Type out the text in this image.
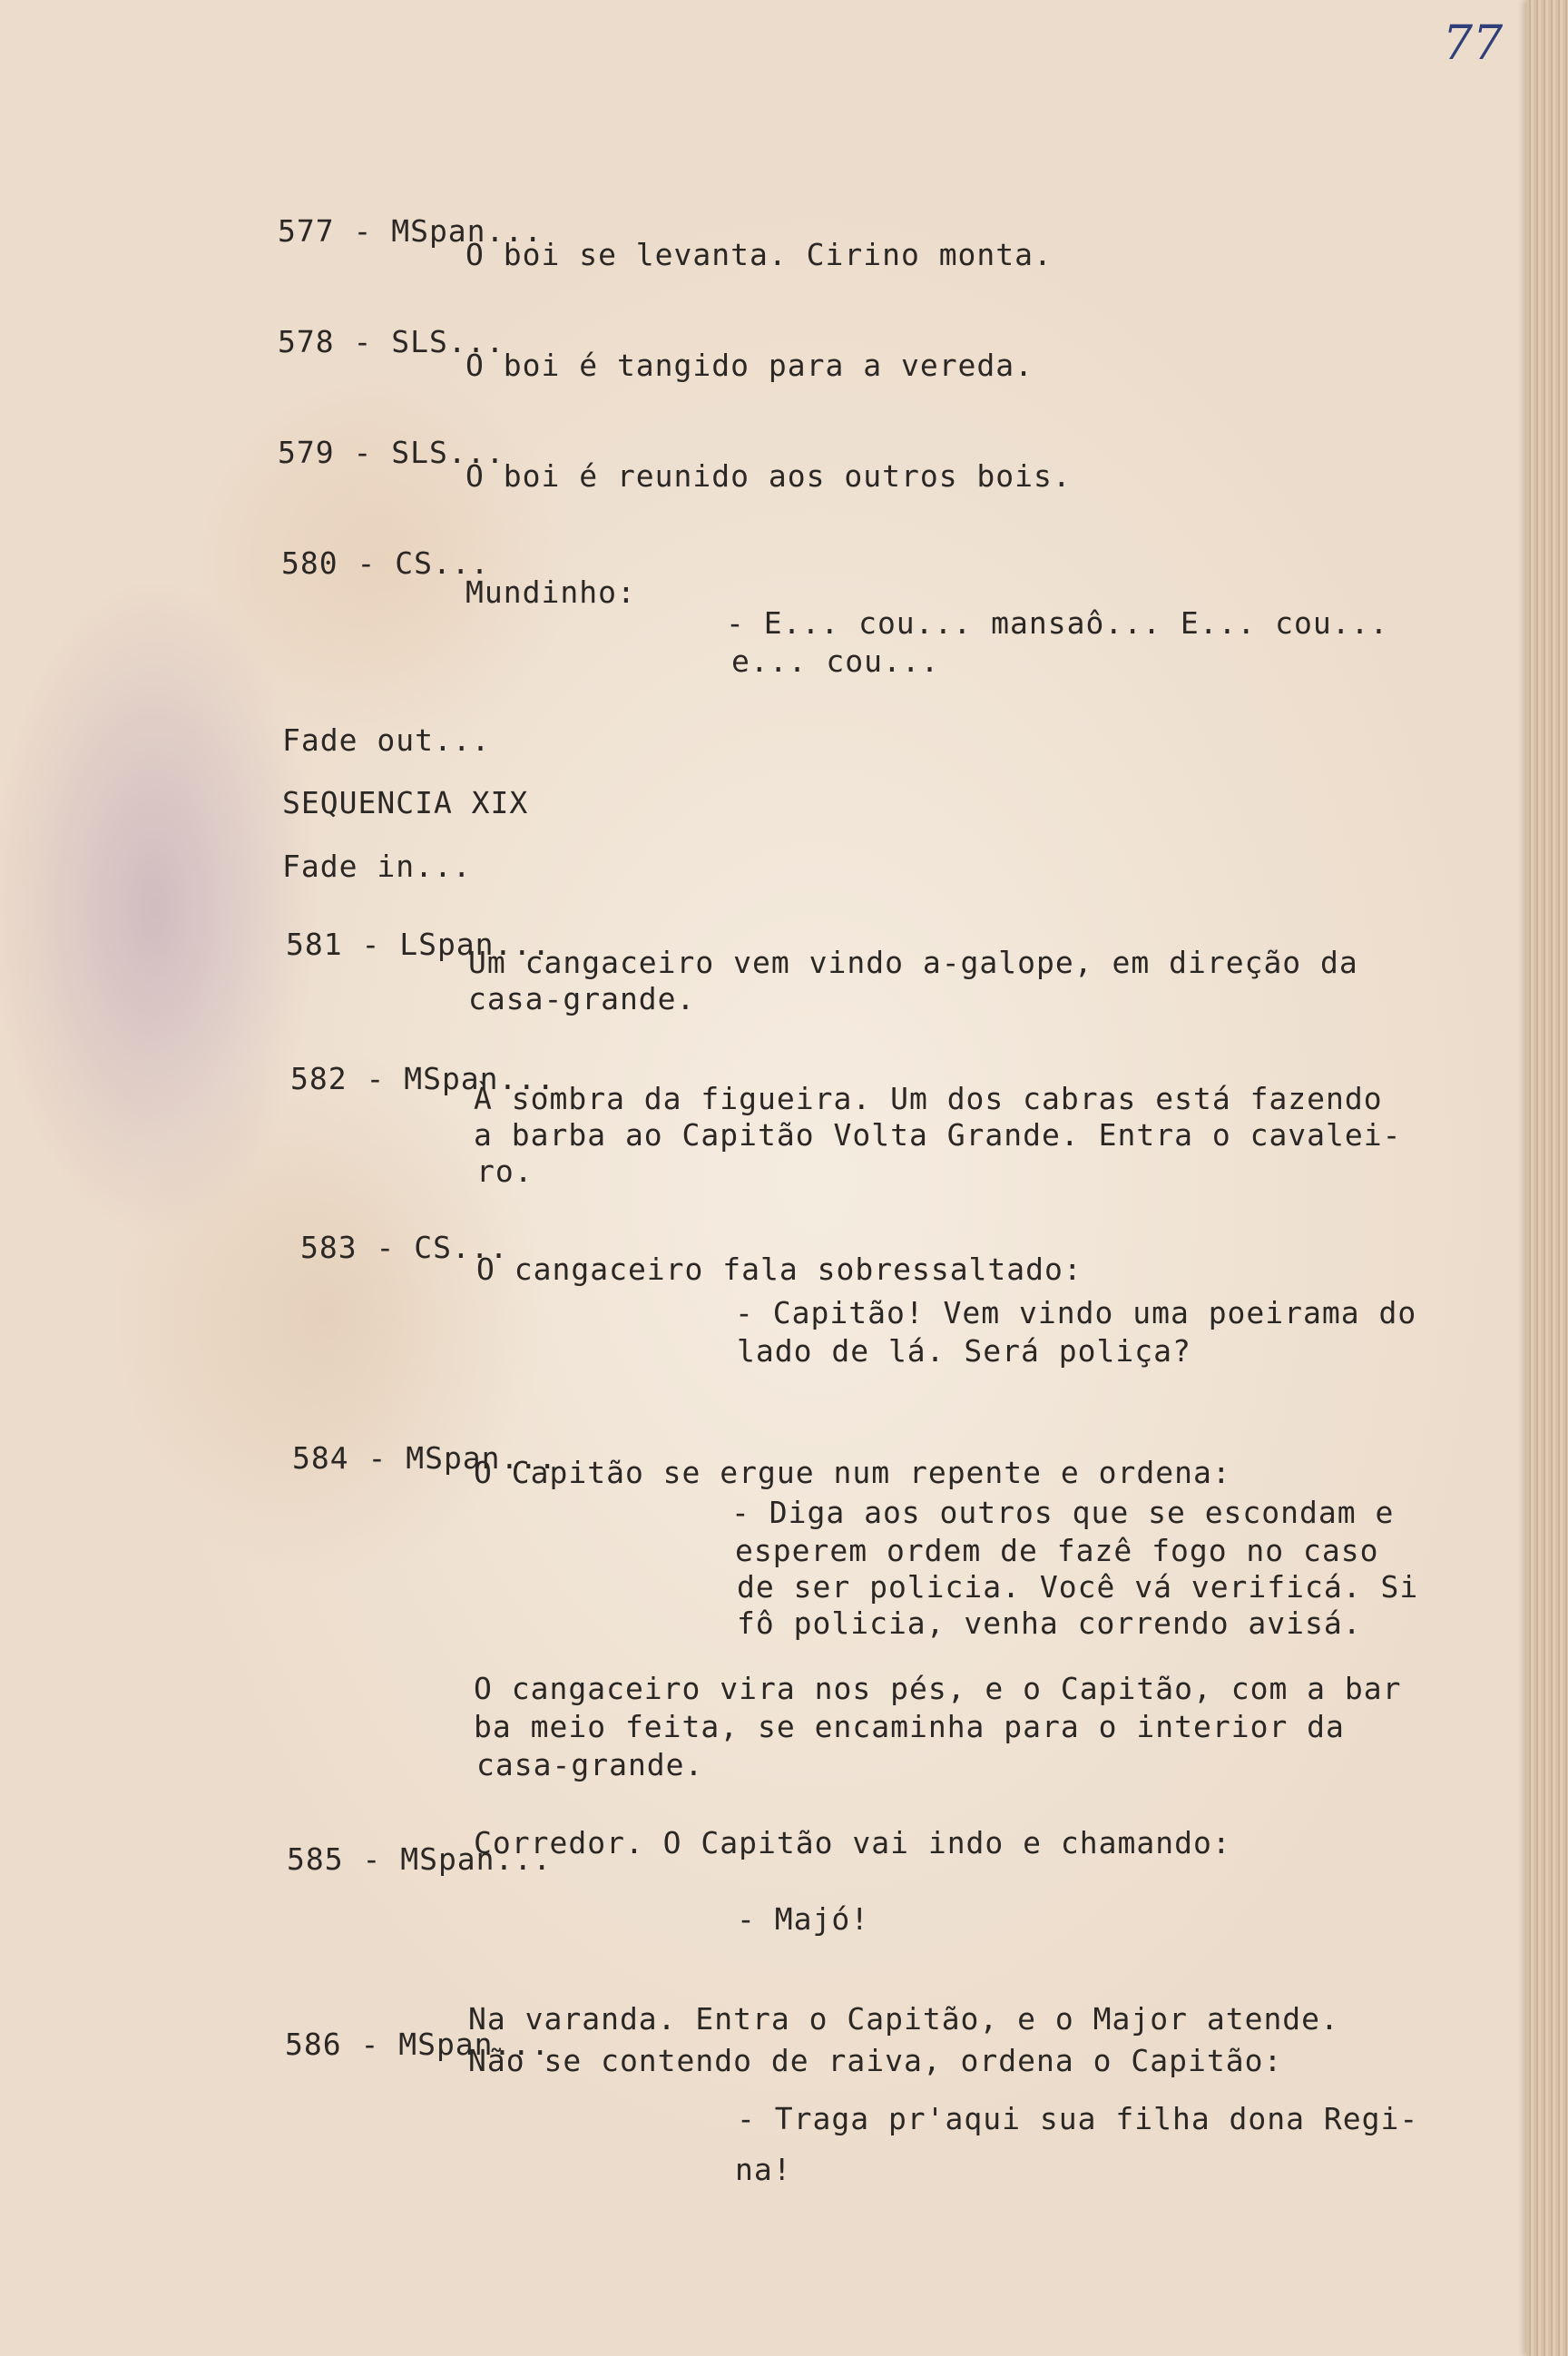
77
577 - MSpan...
O boi se levanta. Cirino monta.
578 - SLS...
O boi é tangido para a vereda.
579 - SLS...
O boi é reunido aos outros bois.
580 - CS...
Mundinho:
- E... cou... mansaô... E... cou...
e... cou...
Fade out...
SEQUENCIA XIX
Fade in...
581 - LSpan...
Um cangaceiro vem vindo a-galope, em direção da
casa-grande.
582 - MSpan...
À sombra da figueira. Um dos cabras está fazendo
a barba ao Capitão Volta Grande. Entra o cavalei-
ro.
583 - CS...
O cangaceiro fala sobressaltado:
- Capitão! Vem vindo uma poeirama do
lado de lá. Será poliça?
584 - MSpan...
O Capitão se ergue num repente e ordena:
- Diga aos outros que se escondam e
esperem ordem de fazê fogo no caso
de ser policia. Você vá verificá. Si
fô policia, venha correndo avisá.
O cangaceiro vira nos pés, e o Capitão, com a bar
ba meio feita, se encaminha para o interior da
casa-grande.
585 - MSpan...
Corredor. O Capitão vai indo e chamando:
- Majó!
586 - MSpan...
Na varanda. Entra o Capitão, e o Major atende.
Não se contendo de raiva, ordena o Capitão:
- Traga pr'aqui sua filha dona Regi-
na!
